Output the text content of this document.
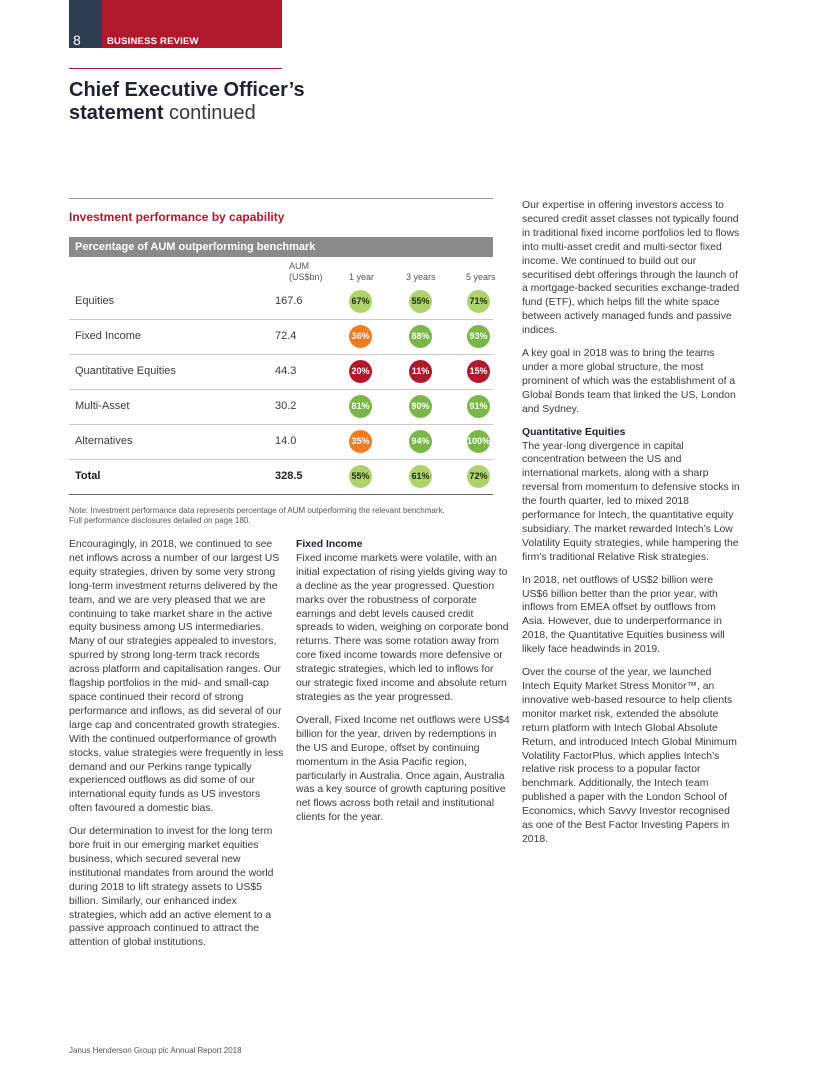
8	BUSINESS REVIEW
Chief Executive Officer’s
statement continued
Investment performance by capability
Percentage of AUM outperforming benchmark
AUM
(US$bn)	1 year	3 years	5 years
Equities	167.6	67%	55%	71%
Fixed Income	72.4	36%	88%	93%
Quantitative Equities	44.3	20%	11%	15%
Multi-Asset	30.2	81%	90%	91%
Alternatives	14.0	35%	94%	100%
Total	328.5	55%	61%	72%
Note: Investment performance data represents percentage of AUM outperforming the relevant benchmark.
Full performance disclosures detailed on page 180.

Encouragingly, in 2018, we continued to see net inflows across a number of our largest US equity strategies, driven by some very strong long-term investment returns delivered by the team, and we are very pleased that we are continuing to take market share in the active equity business among US intermediaries. Many of our strategies appealed to investors, spurred by strong long-term track records across platform and capitalisation ranges. Our flagship portfolios in the mid- and small-cap space continued their record of strong performance and inflows, as did several of our large cap and concentrated growth strategies. With the continued outperformance of growth stocks, value strategies were frequently in less demand and our Perkins range typically experienced outflows as did some of our international equity funds as US investors often favoured a domestic bias.

Our determination to invest for the long term bore fruit in our emerging market equities business, which secured several new institutional mandates from around the world during 2018 to lift strategy assets to US$5 billion. Similarly, our enhanced index strategies, which add an active element to a passive approach continued to attract the attention of global institutions.

Fixed Income

Fixed income markets were volatile, with an initial expectation of rising yields giving way to a decline as the year progressed. Question marks over the robustness of corporate earnings and debt levels caused credit spreads to widen, weighing on corporate bond returns. There was some rotation away from core fixed income towards more defensive or strategic strategies, which led to inflows for our strategic fixed income and absolute return strategies as the year progressed.

Overall, Fixed Income net outflows were US$4 billion for the year, driven by redemptions in the US and Europe, offset by continuing momentum in the Asia Pacific region, particularly in Australia. Once again, Australia was a key source of growth capturing positive net flows across both retail and institutional clients for the year.

Our expertise in offering investors access to secured credit asset classes not typically found in traditional fixed income portfolios led to flows into multi-asset credit and multi-sector fixed income. We continued to build out our securitised debt offerings through the launch of a mortgage-backed securities exchange-traded fund (ETF), which helps fill the white space between actively managed funds and passive indices.

A key goal in 2018 was to bring the teams under a more global structure, the most prominent of which was the establishment of a Global Bonds team that linked the US, London and Sydney.

Quantitative Equities

The year-long divergence in capital concentration between the US and international markets, along with a sharp reversal from momentum to defensive stocks in the fourth quarter, led to mixed 2018 performance for Intech, the quantitative equity subsidiary. The market rewarded Intech’s Low Volatility Equity strategies, while hampering the firm’s traditional Relative Risk strategies.

In 2018, net outflows of US$2 billion were US$6 billion better than the prior year, with inflows from EMEA offset by outflows from Asia. However, due to underperformance in 2018, the Quantitative Equities business will likely face headwinds in 2019.

Over the course of the year, we launched Intech Equity Market Stress Monitor™, an innovative web-based resource to help clients monitor market risk, extended the absolute return platform with Intech Global Absolute Return, and introduced Intech Global Minimum Volatility FactorPlus, which applies Intech’s relative risk process to a popular factor benchmark. Additionally, the Intech team published a paper with the London School of Economics, which Savvy Investor recognised as one of the Best Factor Investing Papers in 2018.

Janus Henderson Group plc Annual Report 2018
